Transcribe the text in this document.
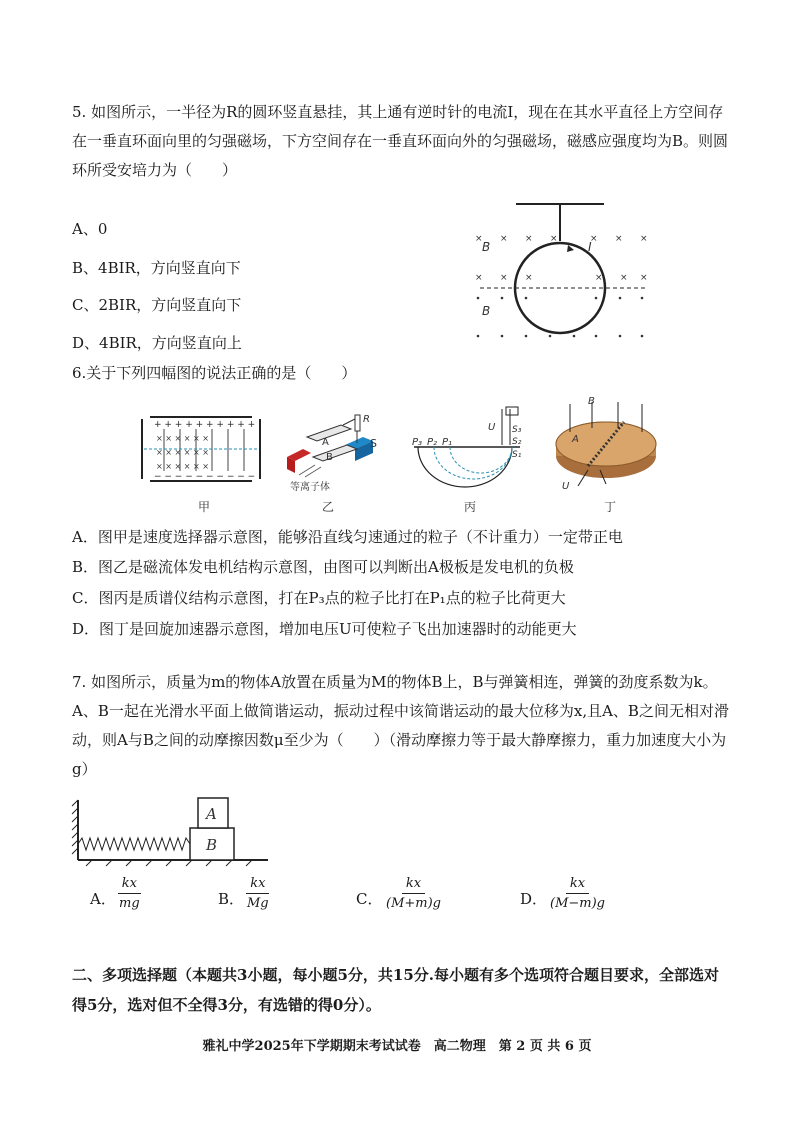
5. 如图所示，一半径为R的圆环竖直悬挂，其上通有逆时针的电流I，现在在其水平直径上方空间存在一垂直环面向里的匀强磁场，下方空间存在一垂直环面向外的匀强磁场，磁感应强度均为B。则圆环所受安培力为（　　）

A、0

B、4BIR，方向竖直向下

C、2BIR，方向竖直向下

D、4BIR，方向竖直向上

× × × ×	× × ×
× × ×	× × ×
B
B
I

6.关于下列四幅图的说法正确的是（　　）

+ + + + + + + + + +
− − − − − − − − − −
× × × × × ×
× × × × × ×
× × × × × ×
甲
R
A
B
S
等离子体
乙
P₃ P₂ P₁
U S₃
S₂
S₁
丙
B
A
U
丁

A．图甲是速度选择器示意图，能够沿直线匀速通过的粒子（不计重力）一定带正电

B．图乙是磁流体发电机结构示意图，由图可以判断出A极板是发电机的负极

C．图丙是质谱仪结构示意图，打在P₃点的粒子比打在P₁点的粒子比荷更大

D．图丁是回旋加速器示意图，增加电压U可使粒子飞出加速器时的动能更大

7. 如图所示，质量为m的物体A放置在质量为M的物体B上，B与弹簧相连，弹簧的劲度系数为k。A、B一起在光滑水平面上做简谐运动，振动过程中该简谐运动的最大位移为x,且A、B之间无相对滑动，则A与B之间的动摩擦因数μ至少为（　　）（滑动摩擦力等于最大静摩擦力，重力加速度大小为g）

A
B
A． $\frac{kx}{mg}$	B．
$\frac{kx}{Mg}$	C． $\frac{kx}{(M+m)g}$	D．
$\frac{kx}{(M-m)g}$

二、多项选择题（本题共3小题，每小题5分，共15分.每小题有多个选项符合题目要求，全部选对得5分，选对但不全得3分，有选错的得0分）。

雅礼中学2025年下学期期末考试试卷　高二物理　第 2 页 共 6 页
